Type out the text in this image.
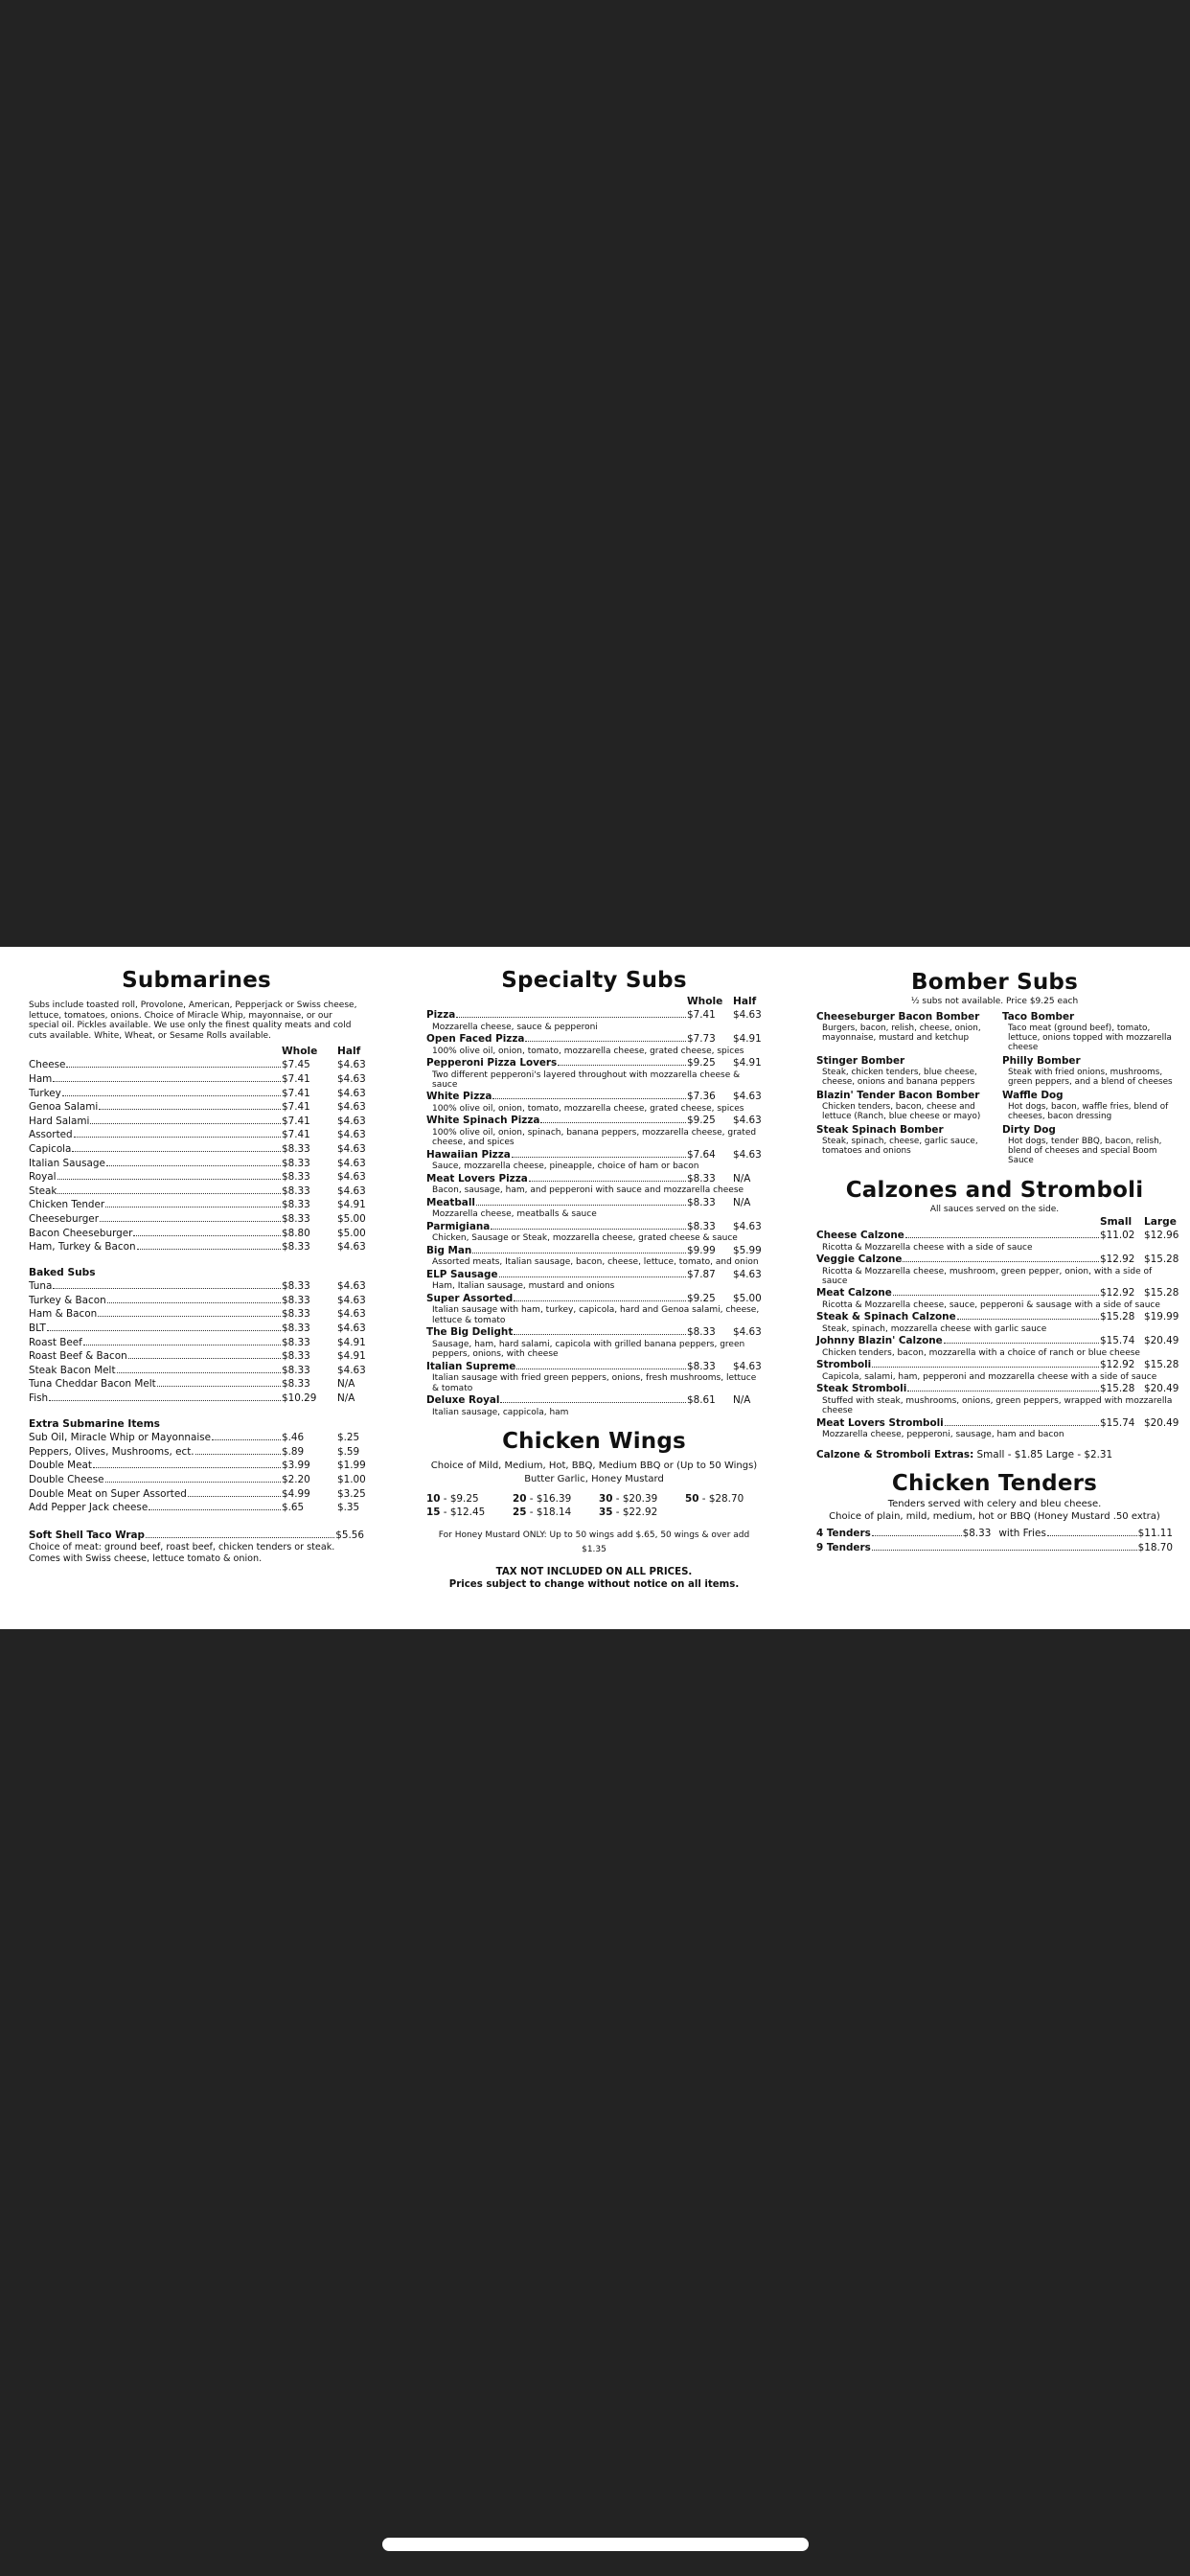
Submarines
Subs include toasted roll, Provolone, American, Pepperjack or Swiss cheese, lettuce, tomatoes, onions. Choice of Miracle Whip, mayonnaise, or our special oil. Pickles available. We use only the finest quality meats and cold cuts available. White, Wheat, or Sesame Rolls available.
Whole	Half
Cheese	$7.45	$4.63
Ham	$7.41	$4.63
Turkey	$7.41	$4.63
Genoa Salami	$7.41	$4.63
Hard Salami	$7.41	$4.63
Assorted	$7.41	$4.63
Capicola	$8.33	$4.63
Italian Sausage	$8.33	$4.63
Royal	$8.33	$4.63
Steak	$8.33	$4.63
Chicken Tender	$8.33	$4.91
Cheeseburger	$8.33	$5.00
Bacon Cheeseburger	$8.80	$5.00
Ham, Turkey & Bacon	$8.33	$4.63
Baked Subs
Tuna	$8.33	$4.63
Turkey & Bacon	$8.33	$4.63
Ham & Bacon	$8.33	$4.63
BLT	$8.33	$4.63
Roast Beef	$8.33	$4.91
Roast Beef & Bacon	$8.33	$4.91
Steak Bacon Melt	$8.33	$4.63
Tuna Cheddar Bacon Melt	$8.33	N/A
Fish	$10.29	N/A
Extra Submarine Items
Sub Oil, Miracle Whip or Mayonnaise	$.46	$.25
Peppers, Olives, Mushrooms, ect.	$.89	$.59
Double Meat	$3.99	$1.99
Double Cheese	$2.20	$1.00
Double Meat on Super Assorted	$4.99	$3.25
Add Pepper Jack cheese	$.65	$.35
Soft Shell Taco Wrap	$5.56
Choice of meat: ground beef, roast beef, chicken tenders or steak. Comes with Swiss cheese, lettuce tomato & onion.
Specialty Subs
Whole	Half
Pizza	$7.41	$4.63
Mozzarella cheese, sauce & pepperoni
Open Faced Pizza	$7.73	$4.91
100% olive oil, onion, tomato, mozzarella cheese, grated cheese, spices
Pepperoni Pizza Lovers	$9.25	$4.91
Two different pepperoni's layered throughout with mozzarella cheese & sauce
White Pizza	$7.36	$4.63
100% olive oil, onion, tomato, mozzarella cheese, grated cheese, spices
White Spinach Pizza	$9.25	$4.63
100% olive oil, onion, spinach, banana peppers, mozzarella cheese, grated cheese, and spices
Hawaiian Pizza	$7.64	$4.63
Sauce, mozzarella cheese, pineapple, choice of ham or bacon
Meat Lovers Pizza	$8.33	N/A
Bacon, sausage, ham, and pepperoni with sauce and mozzarella cheese
Meatball	$8.33	N/A
Mozzarella cheese, meatballs & sauce
Parmigiana	$8.33	$4.63
Chicken, Sausage or Steak, mozzarella cheese, grated cheese & sauce
Big Man	$9.99	$5.99
Assorted meats, Italian sausage, bacon, cheese, lettuce, tomato, and onion
ELP Sausage	$7.87	$4.63
Ham, Italian sausage, mustard and onions
Super Assorted	$9.25	$5.00
Italian sausage with ham, turkey, capicola, hard and Genoa salami, cheese, lettuce & tomato
The Big Delight	$8.33	$4.63
Sausage, ham, hard salami, capicola with grilled banana peppers, green peppers, onions, with cheese
Italian Supreme	$8.33	$4.63
Italian sausage with fried green peppers, onions, fresh mushrooms, lettuce & tomato
Deluxe Royal	$8.61	N/A
Italian sausage, cappicola, ham
Chicken Wings
Choice of Mild, Medium, Hot, BBQ, Medium BBQ or (Up to 50 Wings)
Butter Garlic, Honey Mustard
10 - $9.25	20 - $16.39	30 - $20.39	50 - $28.70
15 - $12.45	25 - $18.14	35 - $22.92
For Honey Mustard ONLY: Up to 50 wings add $.65, 50 wings & over add $1.35
TAX NOT INCLUDED ON ALL PRICES.
Prices subject to change without notice on all items.
Bomber Subs
½ subs not available. Price $9.25 each
Cheeseburger Bacon Bomber
Burgers, bacon, relish, cheese, onion, mayonnaise, mustard and ketchup
Taco Bomber
Taco meat (ground beef), tomato, lettuce, onions topped with mozzarella cheese
Stinger Bomber
Steak, chicken tenders, blue cheese, cheese, onions and banana peppers
Philly Bomber
Steak with fried onions, mushrooms, green peppers, and a blend of cheeses
Blazin' Tender Bacon Bomber
Chicken tenders, bacon, cheese and lettuce (Ranch, blue cheese or mayo)
Waffle Dog
Hot dogs, bacon, waffle fries, blend of cheeses, bacon dressing
Steak Spinach Bomber
Steak, spinach, cheese, garlic sauce, tomatoes and onions
Dirty Dog
Hot dogs, tender BBQ, bacon, relish, blend of cheeses and special Boom Sauce
Calzones and Stromboli
All sauces served on the side.
Small	Large
Cheese Calzone	$11.02 $12.96
Ricotta & Mozzarella cheese with a side of sauce
Veggie Calzone	$12.92 $15.28
Ricotta & Mozzarella cheese, mushroom, green pepper, onion, with a side of sauce
Meat Calzone	$12.92 $15.28
Ricotta & Mozzarella cheese, sauce, pepperoni & sausage with a side of sauce
Steak & Spinach Calzone	$15.28 $19.99
Steak, spinach, mozzarella cheese with garlic sauce
Johnny Blazin' Calzone	$15.74 $20.49
Chicken tenders, bacon, mozzarella with a choice of ranch or blue cheese
Stromboli	$12.92 $15.28
Capicola, salami, ham, pepperoni and mozzarella cheese with a side of sauce
Steak Stromboli	$15.28 $20.49
Stuffed with steak, mushrooms, onions, green peppers, wrapped with mozzarella cheese
Meat Lovers Stromboli	$15.74 $20.49
Mozzarella cheese, pepperoni, sausage, ham and bacon
Calzone & Stromboli Extras: Small - $1.85 Large - $2.31
Chicken Tenders
Tenders served with celery and bleu cheese.
Choice of plain, mild, medium, hot or BBQ (Honey Mustard .50 extra)
4 Tenders	$8.33 with Fries	$11.11
9 Tenders	$18.70
